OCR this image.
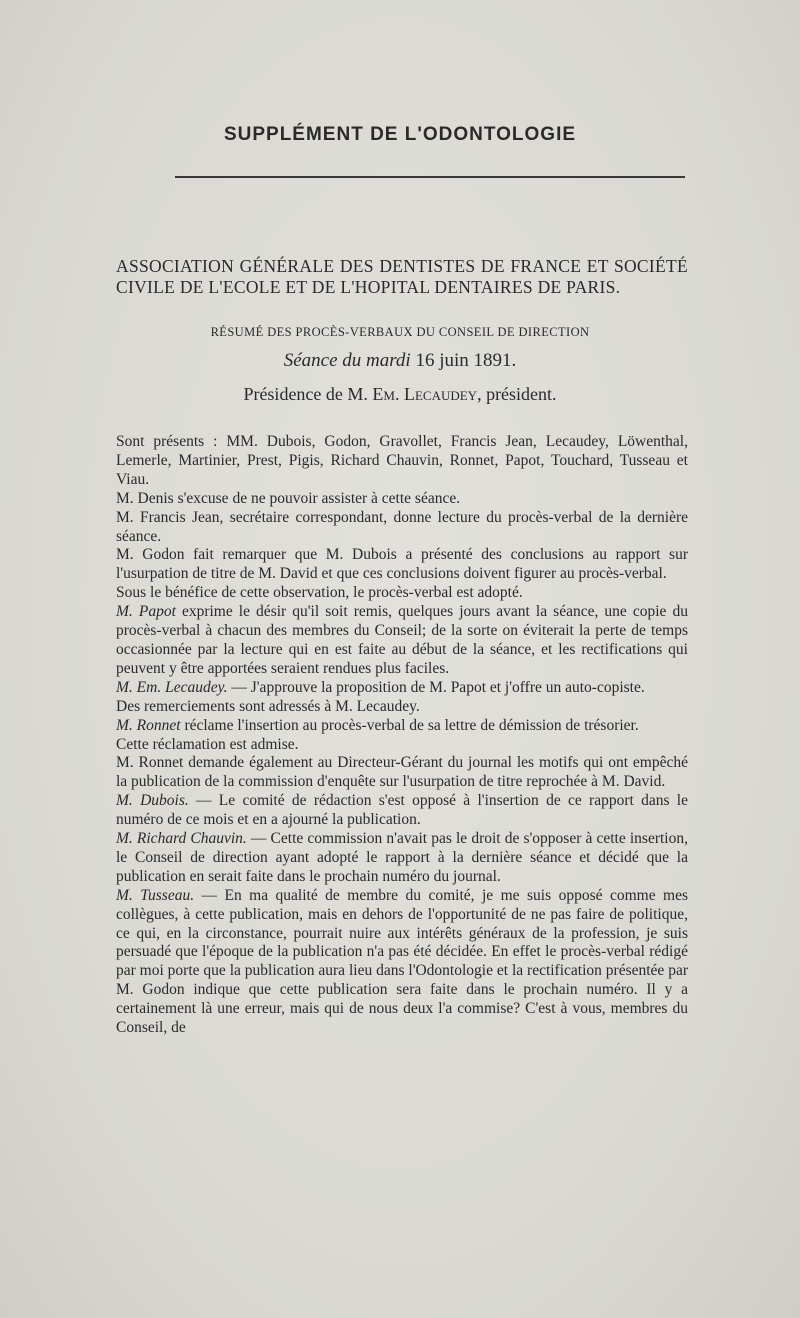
SUPPLÉMENT DE L'ODONTOLOGIE
ASSOCIATION GÉNÉRALE DES DENTISTES DE FRANCE ET SOCIÉTÉ CIVILE DE L'ECOLE ET DE L'HOPITAL DENTAIRES DE PARIS.
RÉSUMÉ DES PROCÈS-VERBAUX DU CONSEIL DE DIRECTION
Séance du mardi 16 juin 1891.
Présidence de M. Em. Lecaudey, président.

Sont présents : MM. Dubois, Godon, Gravollet, Francis Jean, Lecaudey, Löwenthal, Lemerle, Martinier, Prest, Pigis, Richard Chauvin, Ronnet, Papot, Touchard, Tusseau et Viau.

M. Denis s'excuse de ne pouvoir assister à cette séance.

M. Francis Jean, secrétaire correspondant, donne lecture du procès-verbal de la dernière séance.

M. Godon fait remarquer que M. Dubois a présenté des conclusions au rapport sur l'usurpation de titre de M. David et que ces conclusions doivent figurer au procès-verbal.

Sous le bénéfice de cette observation, le procès-verbal est adopté.

M. Papot exprime le désir qu'il soit remis, quelques jours avant la séance, une copie du procès-verbal à chacun des membres du Conseil; de la sorte on éviterait la perte de temps occasionnée par la lecture qui en est faite au début de la séance, et les rectifications qui peuvent y être apportées seraient rendues plus faciles.

M. Em. Lecaudey. — J'approuve la proposition de M. Papot et j'offre un auto-copiste.

Des remerciements sont adressés à M. Lecaudey.

M. Ronnet réclame l'insertion au procès-verbal de sa lettre de démission de trésorier.

Cette réclamation est admise.

M. Ronnet demande également au Directeur-Gérant du journal les motifs qui ont empêché la publication de la commission d'enquête sur l'usurpation de titre reprochée à M. David.

M. Dubois. — Le comité de rédaction s'est opposé à l'insertion de ce rapport dans le numéro de ce mois et en a ajourné la publication.

M. Richard Chauvin. — Cette commission n'avait pas le droit de s'opposer à cette insertion, le Conseil de direction ayant adopté le rapport à la dernière séance et décidé que la publication en serait faite dans le prochain numéro du journal.

M. Tusseau. — En ma qualité de membre du comité, je me suis opposé comme mes collègues, à cette publication, mais en dehors de l'opportunité de ne pas faire de politique, ce qui, en la circonstance, pourrait nuire aux intérêts généraux de la profession, je suis persuadé que l'époque de la publication n'a pas été décidée. En effet le procès-verbal rédigé par moi porte que la publication aura lieu dans l'Odontologie et la rectification présentée par M. Godon indique que cette publication sera faite dans le prochain numéro. Il y a certainement là une erreur, mais qui de nous deux l'a commise? C'est à vous, membres du Conseil, de
